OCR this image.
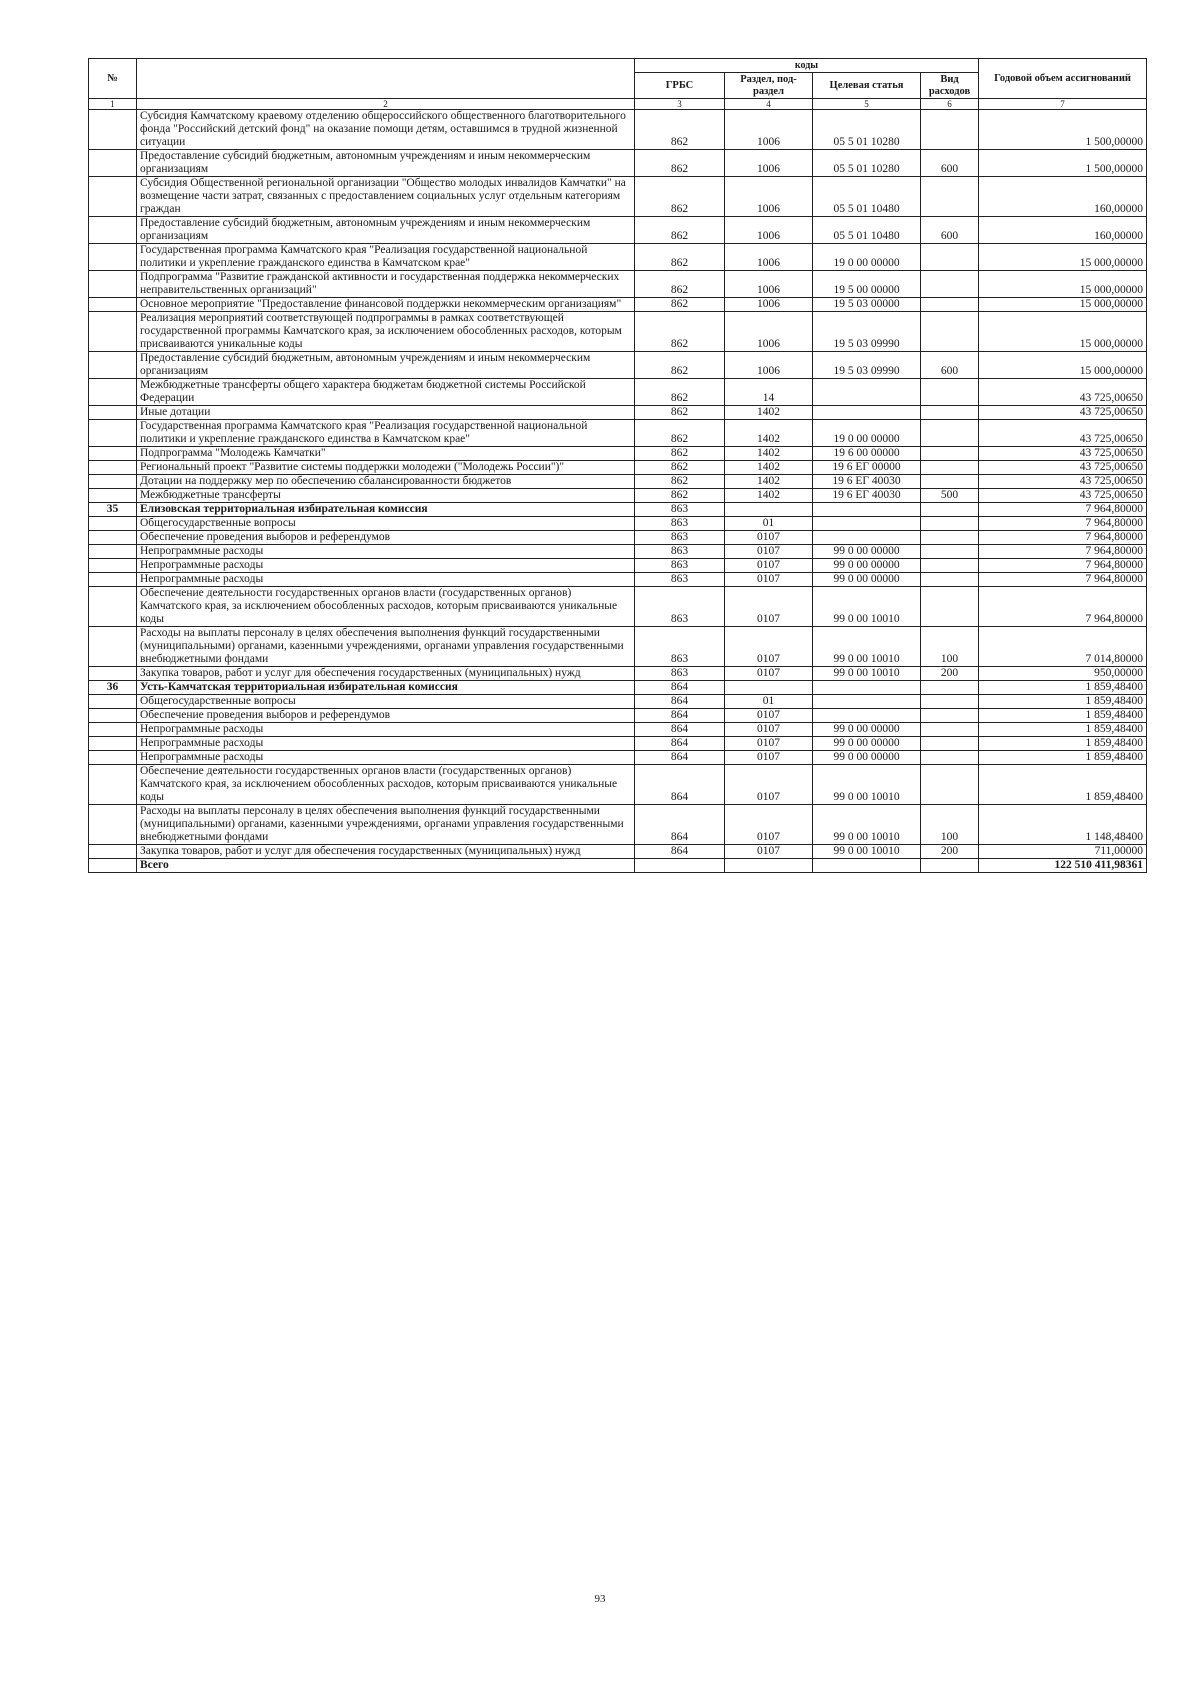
№		коды				Годовой объем ассигнований
		ГРБС	Раздел, под-раздел	Целевая статья	Вид расходов	
1	2	3	4	5	6	7
	Субсидия Камчатскому краевому отделению общероссийского общественного благотворительного фонда "Российский детский фонд" на оказание помощи детям, оставшимся в трудной жизненной ситуации	862	1006	05 5 01 10280		1 500,00000
	Предоставление субсидий бюджетным, автономным учреждениям и иным некоммерческим организациям	862	1006	05 5 01 10280	600	1 500,00000
	Субсидия Общественной региональной организации "Общество молодых инвалидов Камчатки" на возмещение части затрат, связанных с предоставлением социальных услуг отдельным категориям граждан	862	1006	05 5 01 10480		160,00000
	Предоставление субсидий бюджетным, автономным учреждениям и иным некоммерческим организациям	862	1006	05 5 01 10480	600	160,00000
	Государственная программа Камчатского края "Реализация государственной национальной политики и укрепление гражданского единства в Камчатском крае"	862	1006	19 0 00 00000		15 000,00000
	Подпрограмма "Развитие гражданской активности и государственная поддержка некоммерческих неправительственных организаций"	862	1006	19 5 00 00000		15 000,00000
	Основное мероприятие "Предоставление финансовой поддержки некоммерческим организациям"	862	1006	19 5 03 00000		15 000,00000
	Реализация мероприятий соответствующей подпрограммы в рамках соответствующей государственной программы Камчатского края, за исключением обособленных расходов, которым присваиваются уникальные коды	862	1006	19 5 03 09990		15 000,00000
	Предоставление субсидий бюджетным, автономным учреждениям и иным некоммерческим организациям	862	1006	19 5 03 09990	600	15 000,00000
	Межбюджетные трансферты общего характера бюджетам бюджетной системы Российской Федерации	862	14			43 725,00650
	Иные дотации	862	1402			43 725,00650
	Государственная программа Камчатского края "Реализация государственной национальной политики и укрепление гражданского единства в Камчатском крае"	862	1402	19 0 00 00000		43 725,00650
	Подпрограмма "Молодежь Камчатки"	862	1402	19 6 00 00000		43 725,00650
	Региональный проект "Развитие системы поддержки молодежи ("Молодежь России")"	862	1402	19 6 ЕГ 00000		43 725,00650
	Дотации на поддержку мер по обеспечению сбалансированности бюджетов	862	1402	19 6 ЕГ 40030		43 725,00650
	Межбюджетные трансферты	862	1402	19 6 ЕГ 40030	500	43 725,00650
35	Елизовская территориальная избирательная комиссия	863				7 964,80000
	Общегосударственные вопросы	863	01			7 964,80000
	Обеспечение проведения выборов и референдумов	863	0107			7 964,80000
	Непрограммные расходы	863	0107	99 0 00 00000		7 964,80000
	Непрограммные расходы	863	0107	99 0 00 00000		7 964,80000
	Непрограммные расходы	863	0107	99 0 00 00000		7 964,80000
	Обеспечение деятельности государственных органов власти (государственных органов) Камчатского края, за исключением обособленных расходов, которым присваиваются уникальные коды	863	0107	99 0 00 10010		7 964,80000
	Расходы на выплаты персоналу в целях обеспечения выполнения функций государственными (муниципальными) органами, казенными учреждениями, органами управления государственными внебюджетными фондами	863	0107	99 0 00 10010	100	7 014,80000
	Закупка товаров, работ и услуг для обеспечения государственных (муниципальных) нужд	863	0107	99 0 00 10010	200	950,00000
36	Усть-Камчатская территориальная избирательная комиссия	864				1 859,48400
	Общегосударственные вопросы	864	01			1 859,48400
	Обеспечение проведения выборов и референдумов	864	0107			1 859,48400
	Непрограммные расходы	864	0107	99 0 00 00000		1 859,48400
	Непрограммные расходы	864	0107	99 0 00 00000		1 859,48400
	Непрограммные расходы	864	0107	99 0 00 00000		1 859,48400
	Обеспечение деятельности государственных органов власти (государственных органов) Камчатского края, за исключением обособленных расходов, которым присваиваются уникальные коды	864	0107	99 0 00 10010		1 859,48400
	Расходы на выплаты персоналу в целях обеспечения выполнения функций государственными (муниципальными) органами, казенными учреждениями, органами управления государственными внебюджетными фондами	864	0107	99 0 00 10010	100	1 148,48400
	Закупка товаров, работ и услуг для обеспечения государственных (муниципальных) нужд	864	0107	99 0 00 10010	200	711,00000
	Всего					122 510 411,98361
93
